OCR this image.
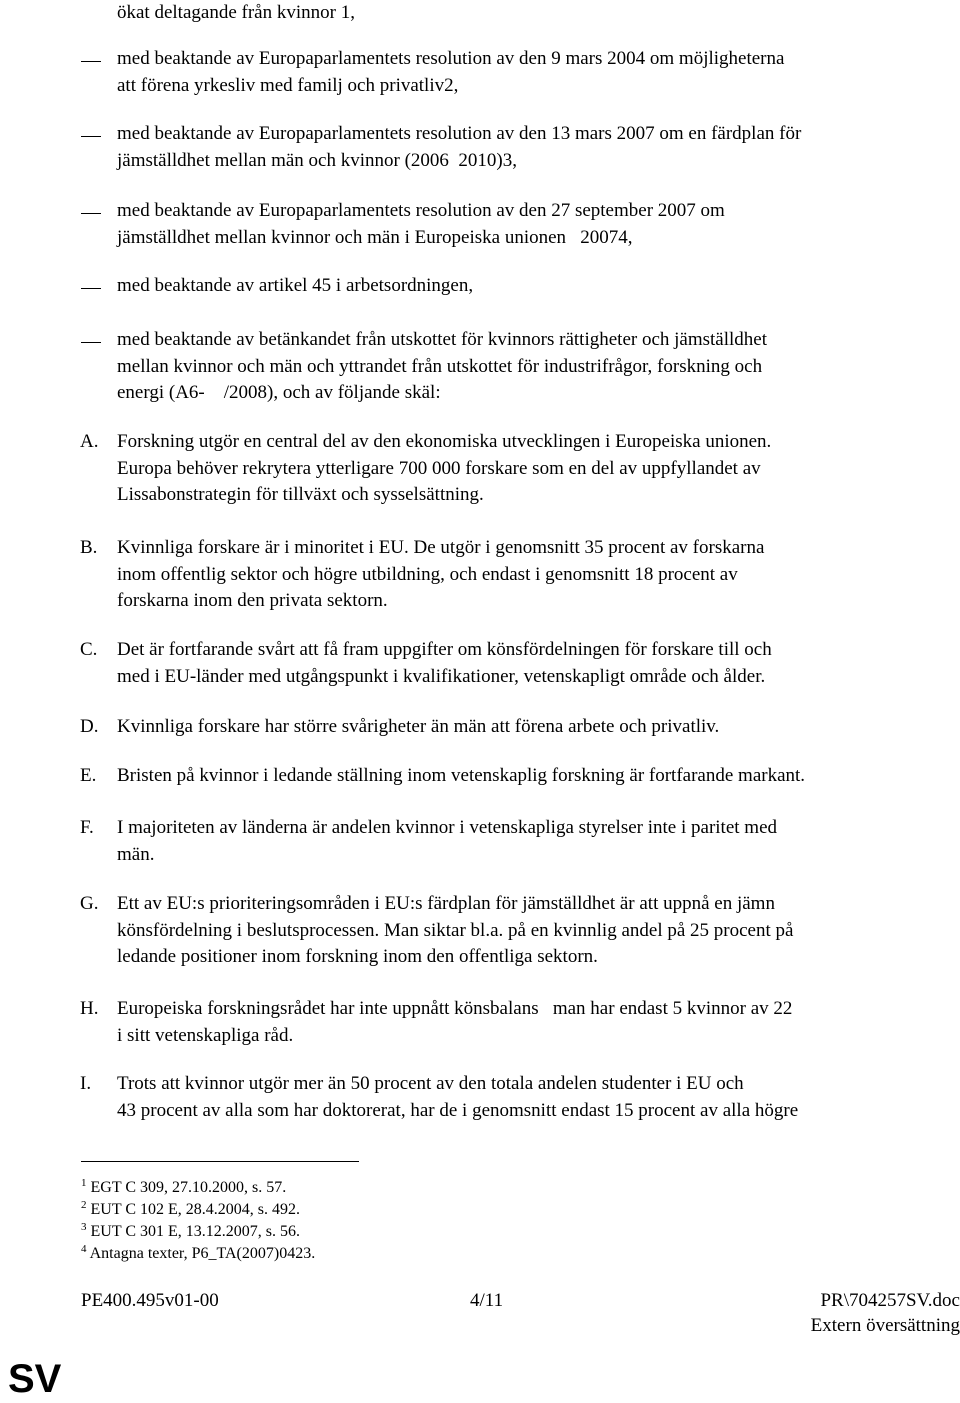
ökat deltagande från kvinnor 1,

med beaktande av Europaparlamentets resolution av den 9 mars 2004 om möjligheterna
att förena yrkesliv med familj och privatliv2,

med beaktande av Europaparlamentets resolution av den 13 mars 2007 om en färdplan för
jämställdhet mellan män och kvinnor (2006  2010)3,

med beaktande av Europaparlamentets resolution av den 27 september 2007 om
jämställdhet mellan kvinnor och män i Europeiska unionen   20074,

med beaktande av artikel 45 i arbetsordningen,

med beaktande av betänkandet från utskottet för kvinnors rättigheter och jämställdhet
mellan kvinnor och män och yttrandet från utskottet för industrifrågor, forskning och
energi (A6-    /2008), och av följande skäl:

A. Forskning utgör en central del av den ekonomiska utvecklingen i Europeiska unionen.
Europa behöver rekrytera ytterligare 700 000 forskare som en del av uppfyllandet av
Lissabonstrategin för tillväxt och sysselsättning.

B. Kvinnliga forskare är i minoritet i EU. De utgör i genomsnitt 35 procent av forskarna
inom offentlig sektor och högre utbildning, och endast i genomsnitt 18 procent av
forskarna inom den privata sektorn.

C. Det är fortfarande svårt att få fram uppgifter om könsfördelningen för forskare till och
med i EU-länder med utgångspunkt i kvalifikationer, vetenskapligt område och ålder.

D. Kvinnliga forskare har större svårigheter än män att förena arbete och privatliv.

E. Bristen på kvinnor i ledande ställning inom vetenskaplig forskning är fortfarande markant.

F. I majoriteten av länderna är andelen kvinnor i vetenskapliga styrelser inte i paritet med
män.

G. Ett av EU:s prioriteringsområden i EU:s färdplan för jämställdhet är att uppnå en jämn
könsfördelning i beslutsprocessen. Man siktar bl.a. på en kvinnlig andel på 25 procent på
ledande positioner inom forskning inom den offentliga sektorn.

H. Europeiska forskningsrådet har inte uppnått könsbalans   man har endast 5 kvinnor av 22
i sitt vetenskapliga råd.

I. Trots att kvinnor utgör mer än 50 procent av den totala andelen studenter i EU och
43 procent av alla som har doktorerat, har de i genomsnitt endast 15 procent av alla högre

$^1$ EGT C 309, 27.10.2000, s. 57.

$^2$ EUT C 102 E, 28.4.2004, s. 492.

$^3$ EUT C 301 E, 13.12.2007, s. 56.

$^4$ Antagna texter, P6_TA(2007)0423.

PE400.495v01-00	4/11	PR\704257SV.doc
Extern översättning
SV
